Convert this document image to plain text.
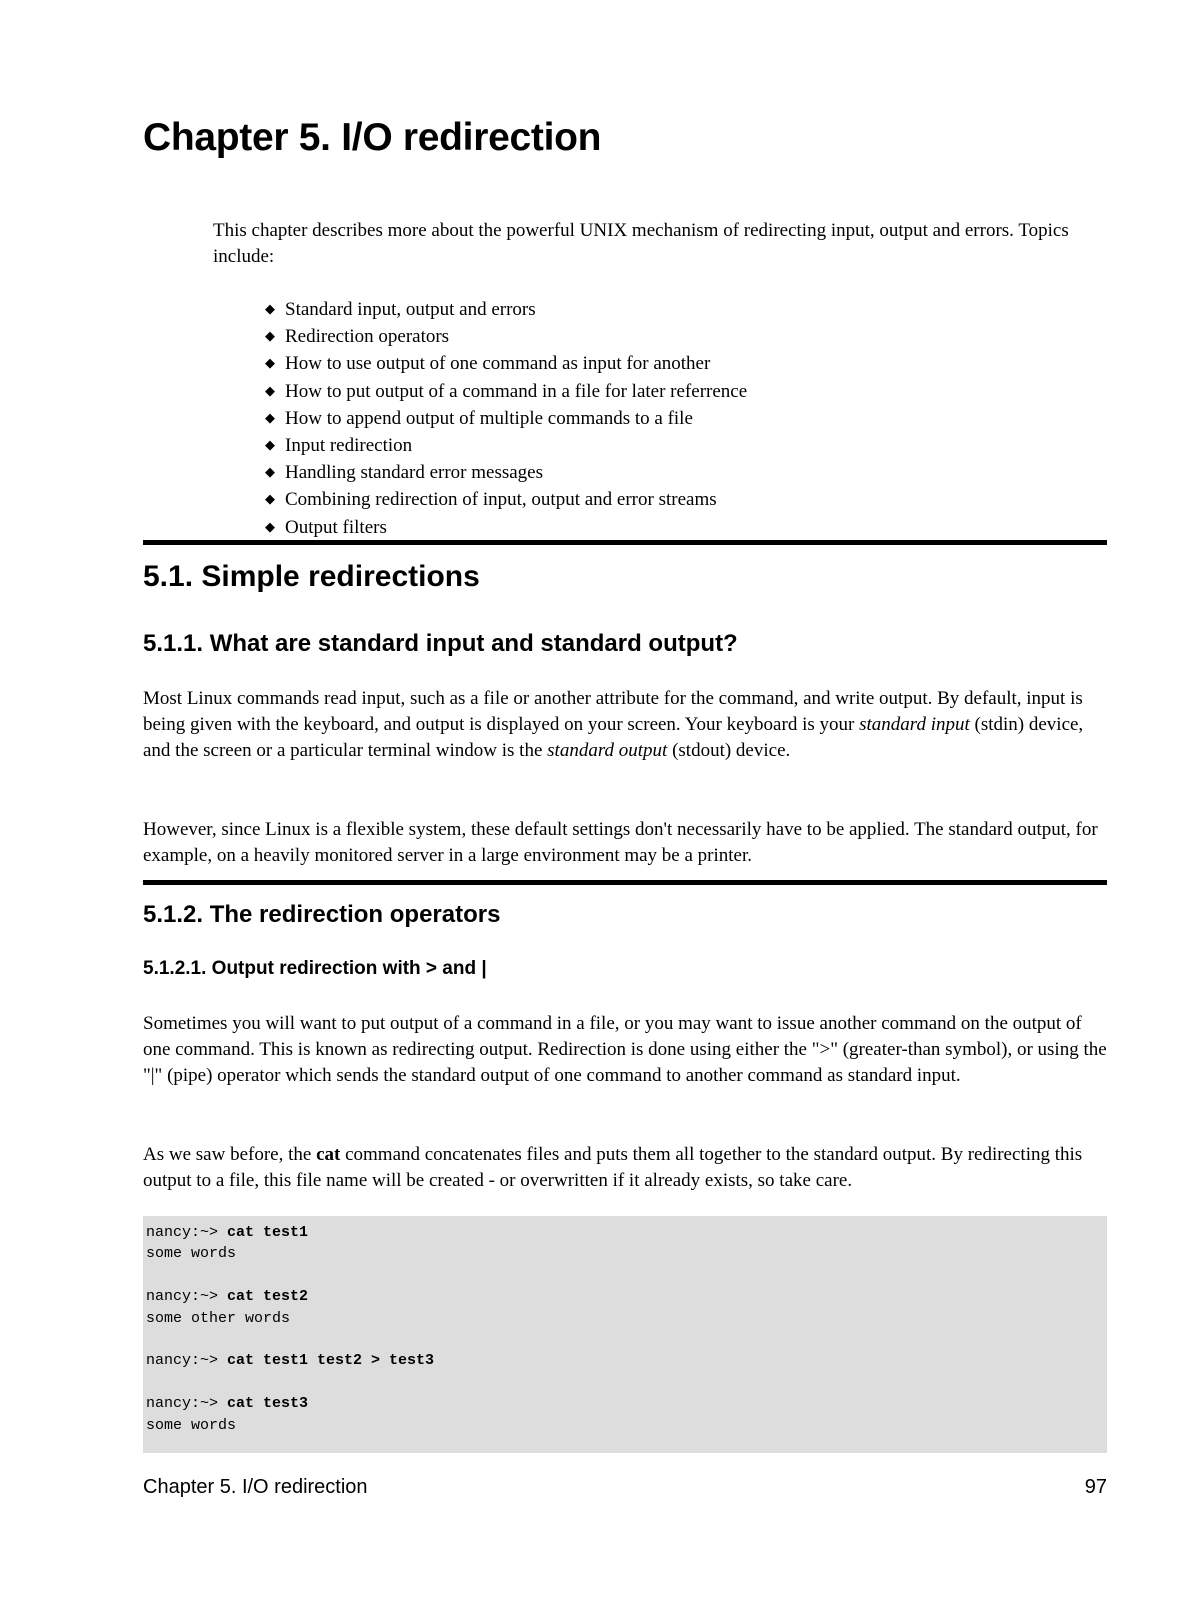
Chapter 5. I/O redirection

This chapter describes more about the powerful UNIX mechanism of redirecting input, output and errors. Topics include:

◆ Standard input, output and errors
◆ Redirection operators
◆ How to use output of one command as input for another
◆ How to put output of a command in a file for later referrence
◆ How to append output of multiple commands to a file
◆ Input redirection
◆ Handling standard error messages
◆ Combining redirection of input, output and error streams
◆ Output filters
5.1. Simple redirections
5.1.1. What are standard input and standard output?

Most Linux commands read input, such as a file or another attribute for the command, and write output. By default, input is being given with the keyboard, and output is displayed on your screen. Your keyboard is your standard input (stdin) device, and the screen or a particular terminal window is the standard output (stdout) device.

However, since Linux is a flexible system, these default settings don't necessarily have to be applied. The standard output, for example, on a heavily monitored server in a large environment may be a printer.

5.1.2. The redirection operators
5.1.2.1. Output redirection with > and |

Sometimes you will want to put output of a command in a file, or you may want to issue another command on the output of one command. This is known as redirecting output. Redirection is done using either the ">" (greater-than symbol), or using the "|" (pipe) operator which sends the standard output of one command to another command as standard input.

As we saw before, the cat command concatenates files and puts them all together to the standard output. By redirecting this output to a file, this file name will be created - or overwritten if it already exists, so take care.

nancy:~> cat test1
some words
nancy:~> cat test2
some other words
nancy:~> cat test1 test2 > test3
nancy:~> cat test3
some words
Chapter 5. I/O redirection	97
